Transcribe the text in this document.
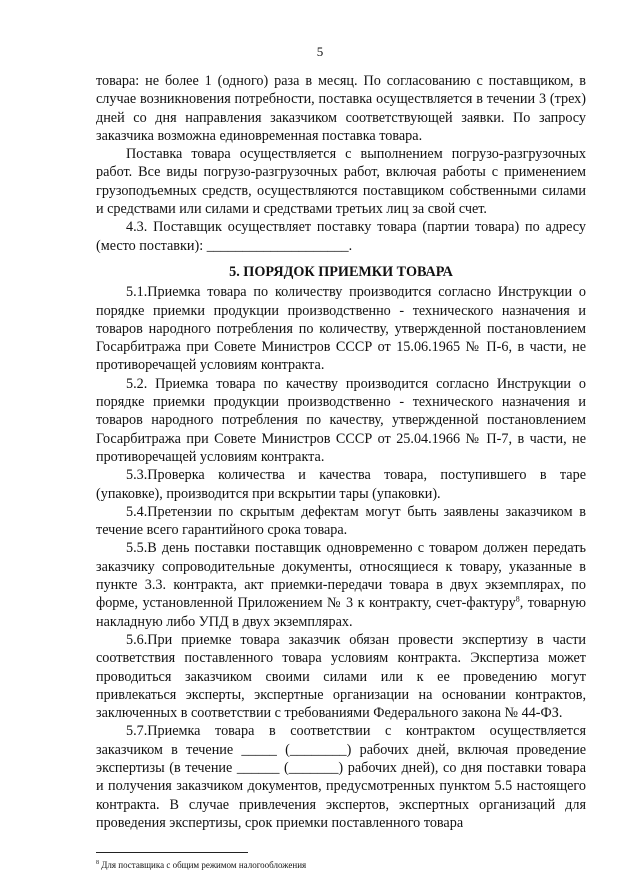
5

товара: не более 1 (одного) раза в месяц. По согласованию с поставщиком, в случае возникновения потребности, поставка осуществляется в течении 3 (трех) дней со дня направления заказчиком соответствующей заявки. По запросу заказчика возможна единовременная поставка товара.

Поставка товара осуществляется с выполнением погрузо-разгрузочных работ. Все виды погрузо-разгрузочных работ, включая работы с применением грузоподъемных средств, осуществляются поставщиком собственными силами и средствами или силами и средствами третьих лиц за свой счет.

4.3. Поставщик осуществляет поставку товара (партии товара) по адресу (место поставки): ____________________.

5. ПОРЯДОК ПРИЕМКИ ТОВАРА

5.1.Приемка товара по количеству производится согласно Инструкции о порядке приемки продукции производственно - технического назначения и товаров народного потребления по количеству, утвержденной постановлением Госарбитража при Совете Министров СССР от 15.06.1965 № П-6, в части, не противоречащей условиям контракта.

5.2. Приемка товара по качеству производится согласно Инструкции о порядке приемки продукции производственно - технического назначения и товаров народного потребления по качеству, утвержденной постановлением Госарбитража при Совете Министров СССР от 25.04.1966 № П-7, в части, не противоречащей условиям контракта.

5.3.Проверка количества и качества товара, поступившего в таре (упаковке), производится при вскрытии тары (упаковки).

5.4.Претензии по скрытым дефектам могут быть заявлены заказчиком в течение всего гарантийного срока товара.

5.5.В день поставки поставщик одновременно с товаром должен передать заказчику сопроводительные документы, относящиеся к товару, указанные в пункте 3.3. контракта, акт приемки-передачи товара в двух экземплярах, по форме, установленной Приложением № 3 к контракту, счет-фактуру$^8$, товарную накладную либо УПД в двух экземплярах.

5.6.При приемке товара заказчик обязан провести экспертизу в части соответствия поставленного товара условиям контракта. Экспертиза может проводиться заказчиком своими силами или к ее проведению могут привлекаться эксперты, экспертные организации на основании контрактов, заключенных в соответствии с требованиями Федерального закона № 44-ФЗ.

5.7.Приемка товара в соответствии с контрактом осуществляется заказчиком в течение _____ (________) рабочих дней, включая проведение экспертизы (в течение ______ (_______) рабочих дней), со дня поставки товара и получения заказчиком документов, предусмотренных пунктом 5.5 настоящего контракта. В случае привлечения экспертов, экспертных организаций для проведения экспертизы, срок приемки поставленного товара

$^8$ Для поставщика с общим режимом налогообложения
